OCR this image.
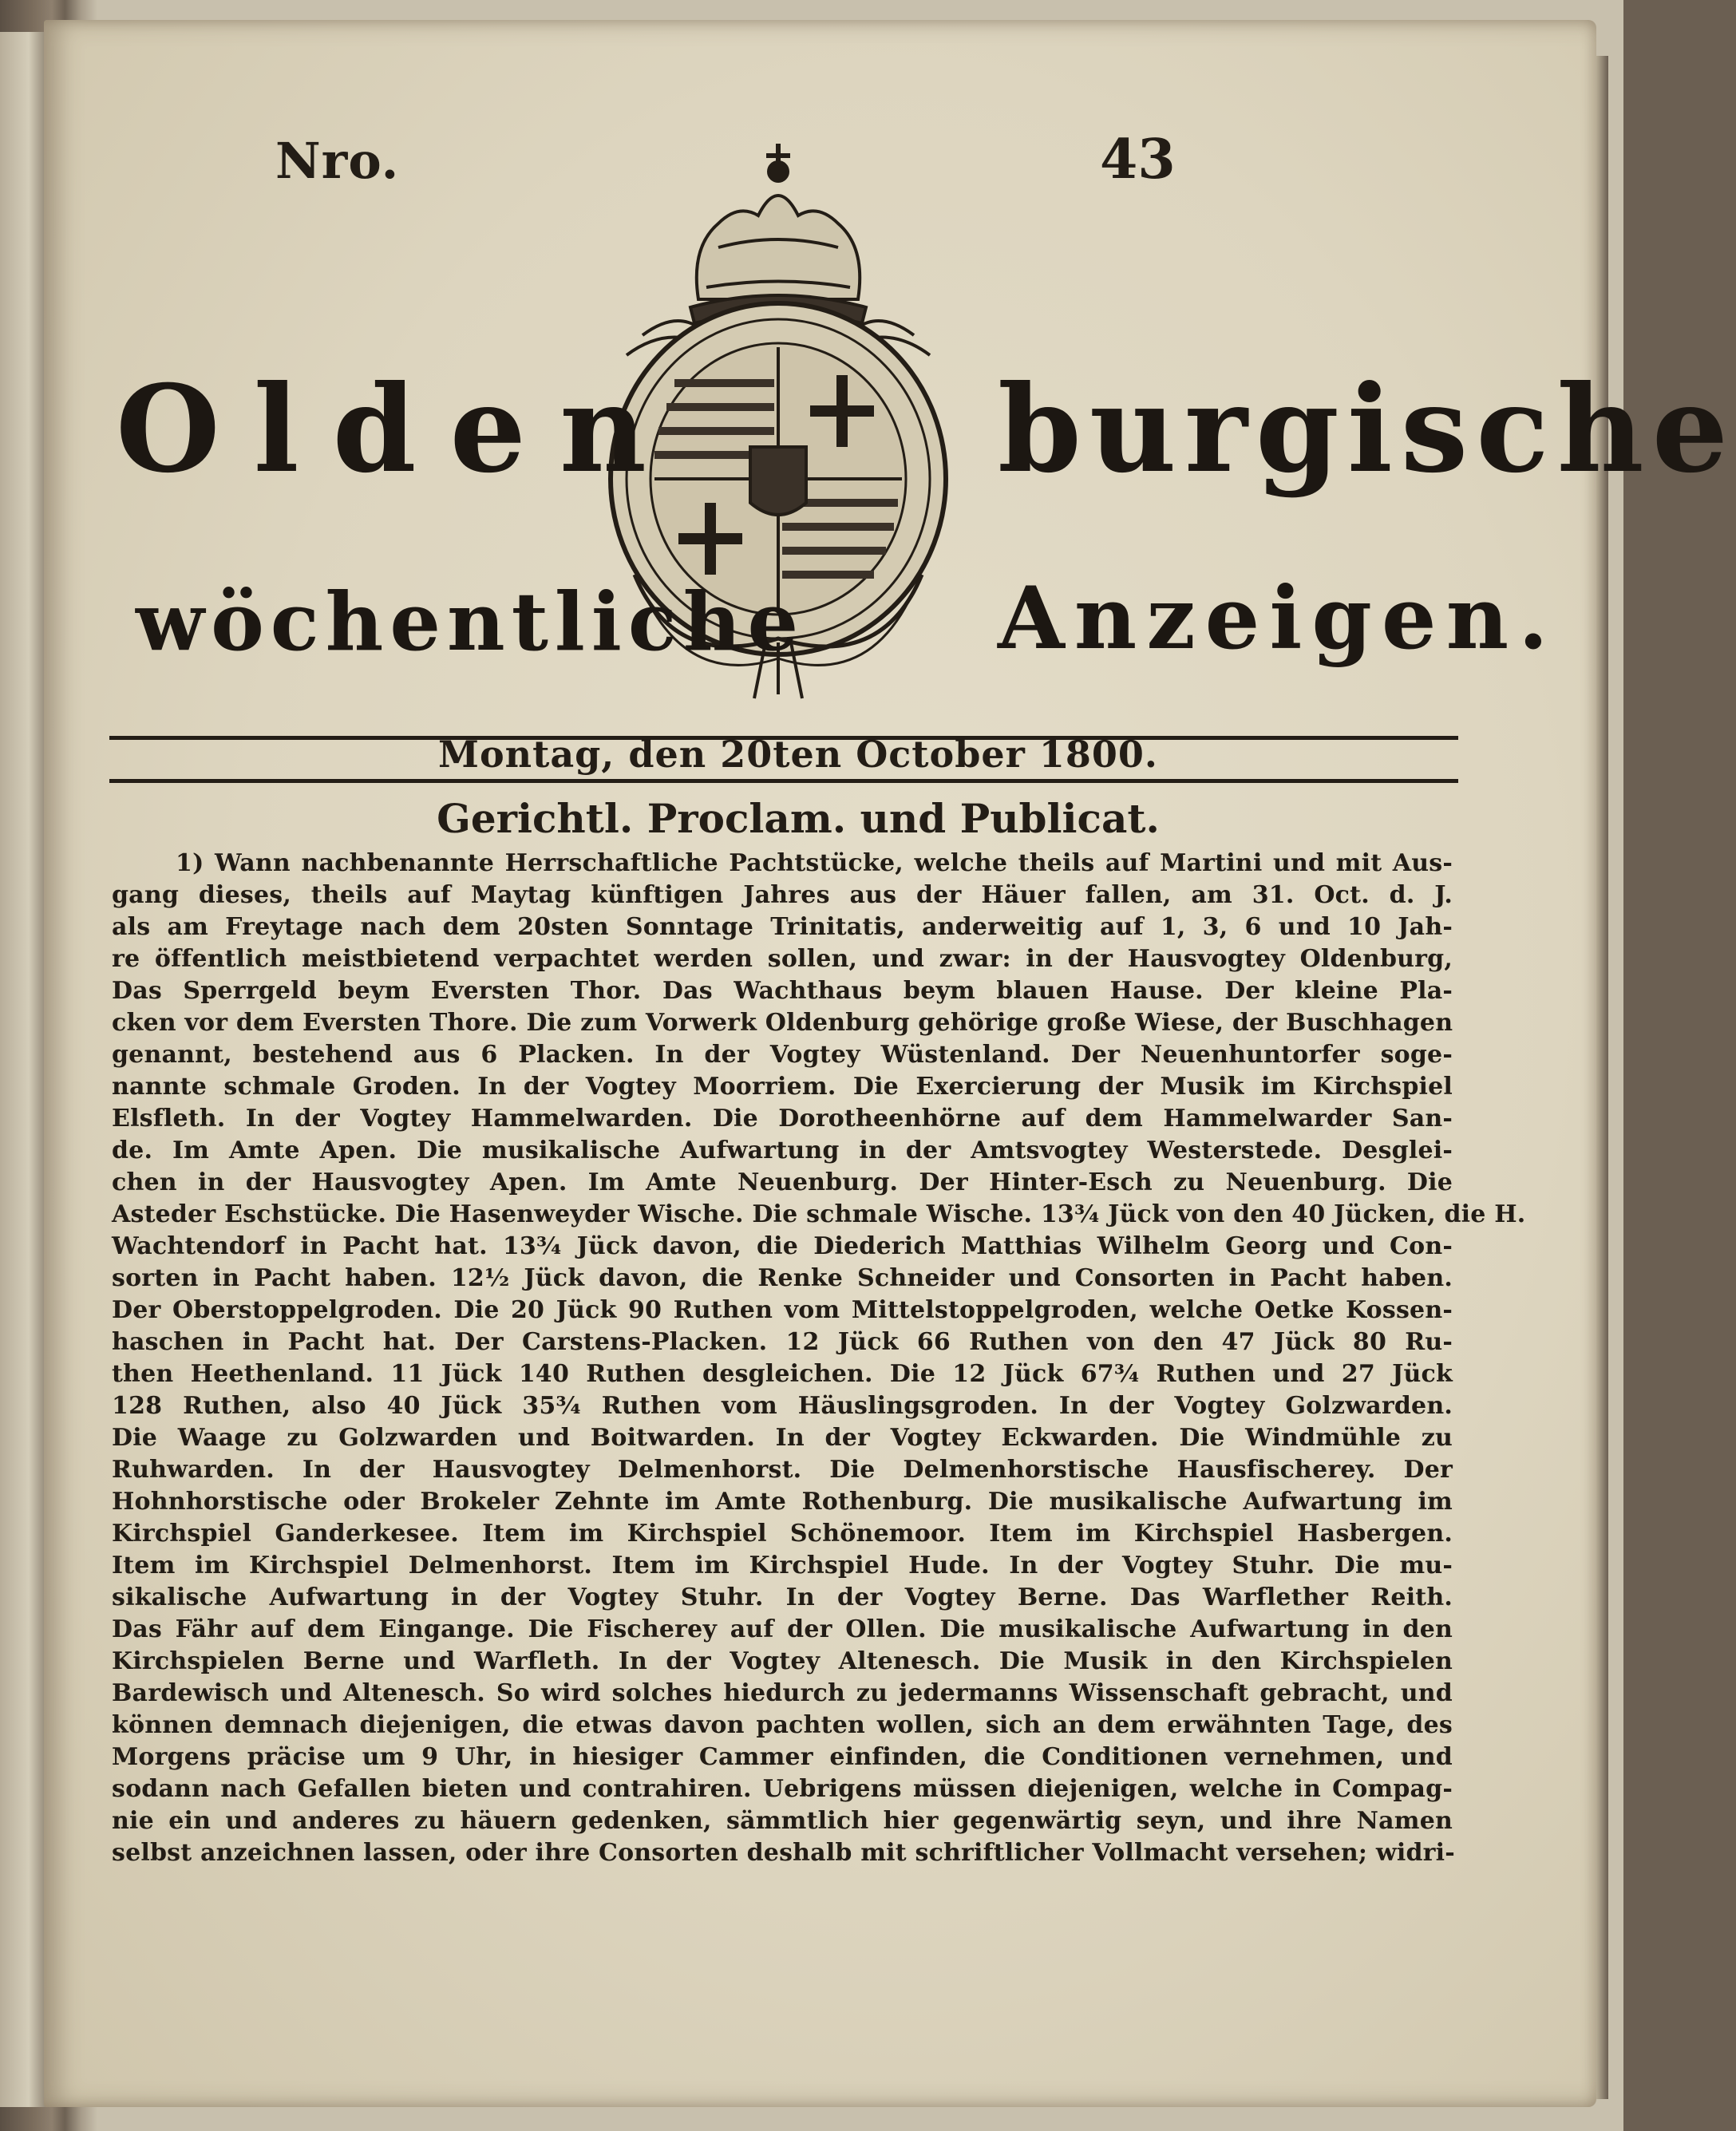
Nro.	43
Olden	burgische
wöchentliche Anzeigen.
Montag, den 20ten October 1800.
Gerichtl. Proclam. und Publicat.
1) Wann nachbenannte Herrschaftliche Pachtstücke, welche theils auf Martini und mit Aus-
gang dieses, theils auf Maytag künftigen Jahres aus der Häuer fallen, am 31. Oct. d. J.
als am Freytage nach dem 20sten Sonntage Trinitatis, anderweitig auf 1, 3, 6 und 10 Jah-
re öffentlich meistbietend verpachtet werden sollen, und zwar: in der Hausvogtey Oldenburg,
Das Sperrgeld beym Eversten Thor. Das Wachthaus beym blauen Hause. Der kleine Pla-
cken vor dem Eversten Thore. Die zum Vorwerk Oldenburg gehörige große Wiese, der Buschhagen
genannt, bestehend aus 6 Placken. In der Vogtey Wüstenland. Der Neuenhuntorfer soge-
nannte schmale Groden. In der Vogtey Moorriem. Die Exercierung der Musik im Kirchspiel
Elsfleth. In der Vogtey Hammelwarden. Die Dorotheenhörne auf dem Hammelwarder San-
de. Im Amte Apen. Die musikalische Aufwartung in der Amtsvogtey Westerstede. Desglei-
chen in der Hausvogtey Apen. Im Amte Neuenburg. Der Hinter-Esch zu Neuenburg. Die
Asteder Eschstücke. Die Hasenweyder Wische. Die schmale Wische. 13¾ Jück von den 40 Jücken, die H.
Wachtendorf in Pacht hat. 13¾ Jück davon, die Diederich Matthias Wilhelm Georg und Con-
sorten in Pacht haben. 12½ Jück davon, die Renke Schneider und Consorten in Pacht haben.
Der Oberstoppelgroden. Die 20 Jück 90 Ruthen vom Mittelstoppelgroden, welche Oetke Kossen-
haschen in Pacht hat. Der Carstens-Placken. 12 Jück 66 Ruthen von den 47 Jück 80 Ru-
then Heethenland. 11 Jück 140 Ruthen desgleichen. Die 12 Jück 67¾ Ruthen und 27 Jück
128 Ruthen, also 40 Jück 35¾ Ruthen vom Häuslingsgroden. In der Vogtey Golzwarden.
Die Waage zu Golzwarden und Boitwarden. In der Vogtey Eckwarden. Die Windmühle zu
Ruhwarden. In der Hausvogtey Delmenhorst. Die Delmenhorstische Hausfischerey. Der
Hohnhorstische oder Brokeler Zehnte im Amte Rothenburg. Die musikalische Aufwartung im
Kirchspiel Ganderkesee. Item im Kirchspiel Schönemoor. Item im Kirchspiel Hasbergen.
Item im Kirchspiel Delmenhorst. Item im Kirchspiel Hude. In der Vogtey Stuhr. Die mu-
sikalische Aufwartung in der Vogtey Stuhr. In der Vogtey Berne. Das Warflether Reith.
Das Fähr auf dem Eingange. Die Fischerey auf der Ollen. Die musikalische Aufwartung in den
Kirchspielen Berne und Warfleth. In der Vogtey Altenesch. Die Musik in den Kirchspielen
Bardewisch und Altenesch. So wird solches hiedurch zu jedermanns Wissenschaft gebracht, und
können demnach diejenigen, die etwas davon pachten wollen, sich an dem erwähnten Tage, des
Morgens präcise um 9 Uhr, in hiesiger Cammer einfinden, die Conditionen vernehmen, und
sodann nach Gefallen bieten und contrahiren. Uebrigens müssen diejenigen, welche in Compag-
nie ein und anderes zu häuern gedenken, sämmtlich hier gegenwärtig seyn, und ihre Namen
selbst anzeichnen lassen, oder ihre Consorten deshalb mit schriftlicher Vollmacht versehen; widri-
